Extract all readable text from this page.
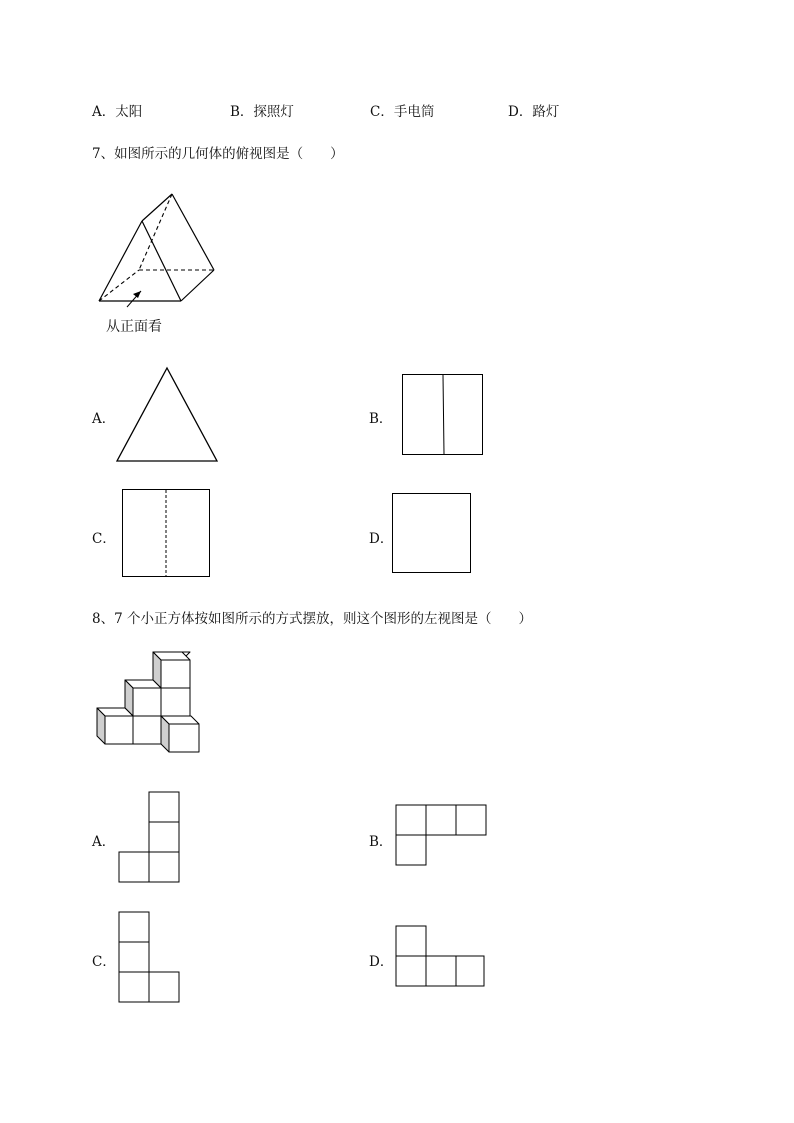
A．太阳	B．探照灯	C．手电筒	D．路灯
7、如图所示的几何体的俯视图是（　　）
从正面看
A．	B．
C．	D．
8、7 个小正方体按如图所示的方式摆放，则这个图形的左视图是（　　）
A．	B．
C．	D．
